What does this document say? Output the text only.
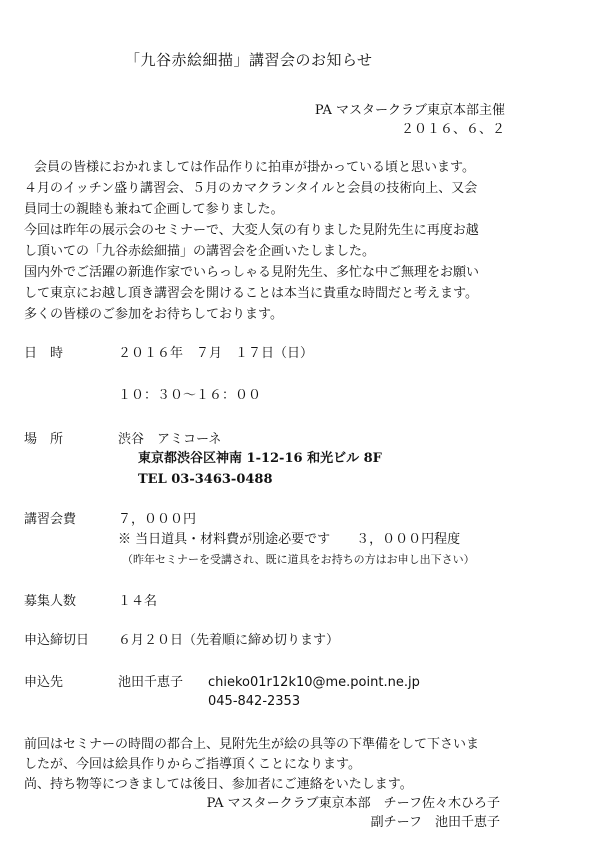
「九谷赤絵細描」講習会のお知らせ
PA マスタークラブ東京本部主催
２０１６、６、２
会員の皆様におかれましては作品作りに拍車が掛かっている頃と思います。
４月のイッチン盛り講習会、５月のカマクランタイルと会員の技術向上、又会
員同士の親睦も兼ねて企画して参りました。
今回は昨年の展示会のセミナーで、大変人気の有りました見附先生に再度お越
し頂いての「九谷赤絵細描」の講習会を企画いたしました。
国内外でご活躍の新進作家でいらっしゃる見附先生、多忙な中ご無理をお願い
して東京にお越し頂き講習会を開けることは本当に貴重な時間だと考えます。
多くの皆様のご参加をお待ちしております。
日　時	２０１６年　７月　１７日（日）
１０：３０〜１６：００
場　所	渋谷　アミコーネ
東京都渋谷区神南 1-12-16 和光ビル 8F
TEL 03-3463-0488
講習会費	７，０００円
※ 当日道具・材料費が別途必要です　　３，０００円程度
（昨年セミナーを受講され、既に道具をお持ちの方はお申し出下さい）
募集人数	１４名
申込締切日 ６月２０日（先着順に締め切ります）
申込先	池田千恵子 chieko01r12k10@me.point.ne.jp
045-842-2353
前回はセミナーの時間の都合上、見附先生が絵の具等の下準備をして下さいま
したが、今回は絵具作りからご指導頂くことになります。
尚、持ち物等につきましては後日、参加者にご連絡をいたします。
PA マスタークラブ東京本部　チーフ佐々木ひろ子
副チーフ　池田千恵子
